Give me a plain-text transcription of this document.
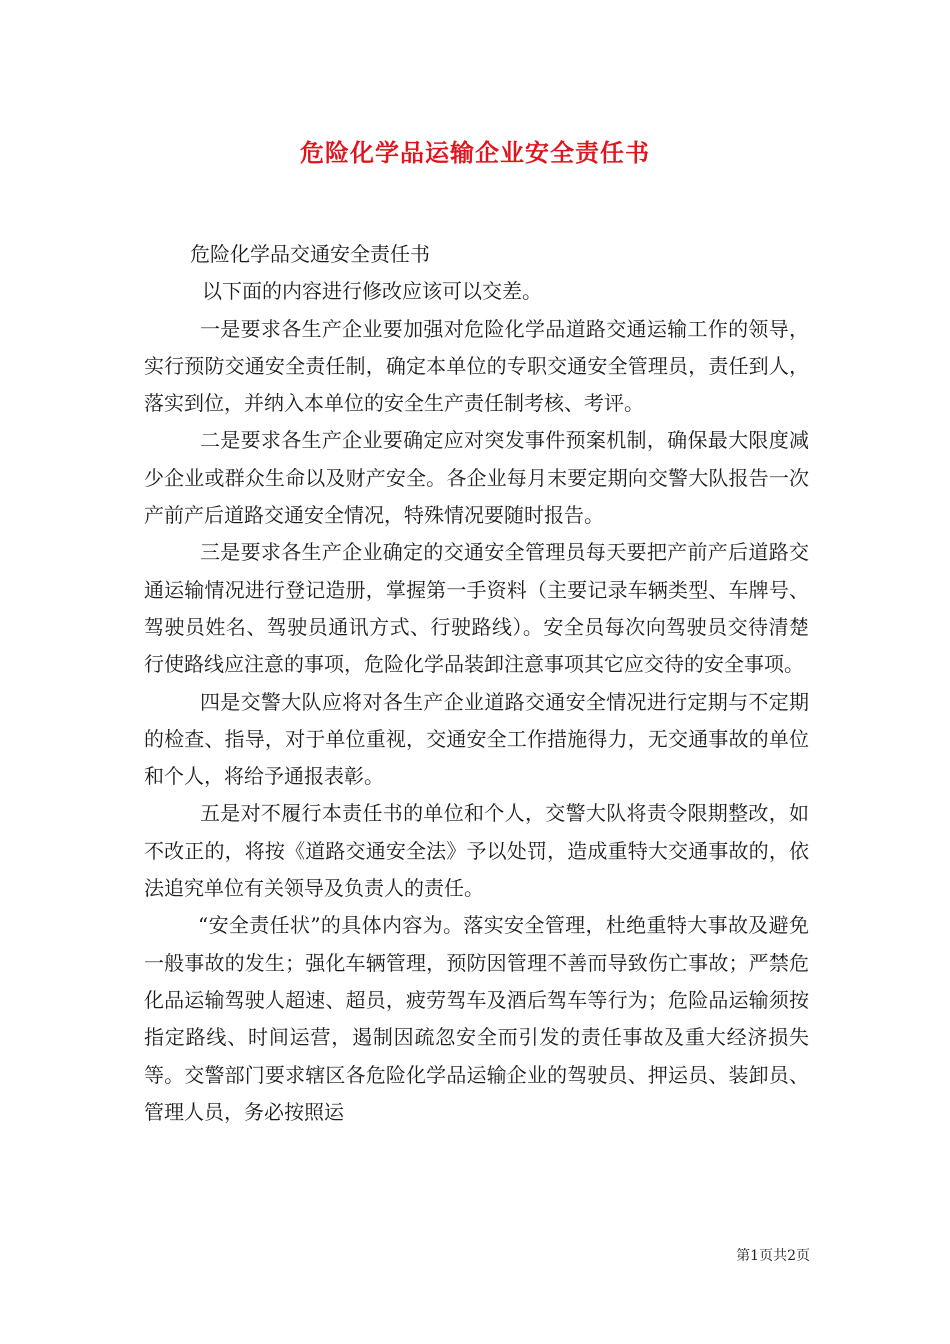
危险化学品运输企业安全责任书

危险化学品交通安全责任书

以下面的内容进行修改应该可以交差。

一是要求各生产企业要加强对危险化学品道路交通运输工作的领导，实行预防交通安全责任制，确定本单位的专职交通安全管理员，责任到人，落实到位，并纳入本单位的安全生产责任制考核、考评。

二是要求各生产企业要确定应对突发事件预案机制，确保最大限度减少企业或群众生命以及财产安全。各企业每月末要定期向交警大队报告一次产前产后道路交通安全情况，特殊情况要随时报告。

三是要求各生产企业确定的交通安全管理员每天要把产前产后道路交通运输情况进行登记造册，掌握第一手资料（主要记录车辆类型、车牌号、驾驶员姓名、驾驶员通讯方式、行驶路线）。安全员每次向驾驶员交待清楚行使路线应注意的事项，危险化学品装卸注意事项其它应交待的安全事项。

四是交警大队应将对各生产企业道路交通安全情况进行定期与不定期的检查、指导，对于单位重视，交通安全工作措施得力，无交通事故的单位和个人，将给予通报表彰。

五是对不履行本责任书的单位和个人，交警大队将责令限期整改，如不改正的，将按《道路交通安全法》予以处罚，造成重特大交通事故的，依法追究单位有关领导及负责人的责任。

“安全责任状”的具体内容为。落实安全管理，杜绝重特大事故及避免一般事故的发生；强化车辆管理，预防因管理不善而导致伤亡事故；严禁危化品运输驾驶人超速、超员，疲劳驾车及酒后驾车等行为；危险品运输须按指定路线、时间运营，遏制因疏忽安全而引发的责任事故及重大经济损失等。交警部门要求辖区各危险化学品运输企业的驾驶员、押运员、装卸员、管理人员，务必按照运

第1页共2页
